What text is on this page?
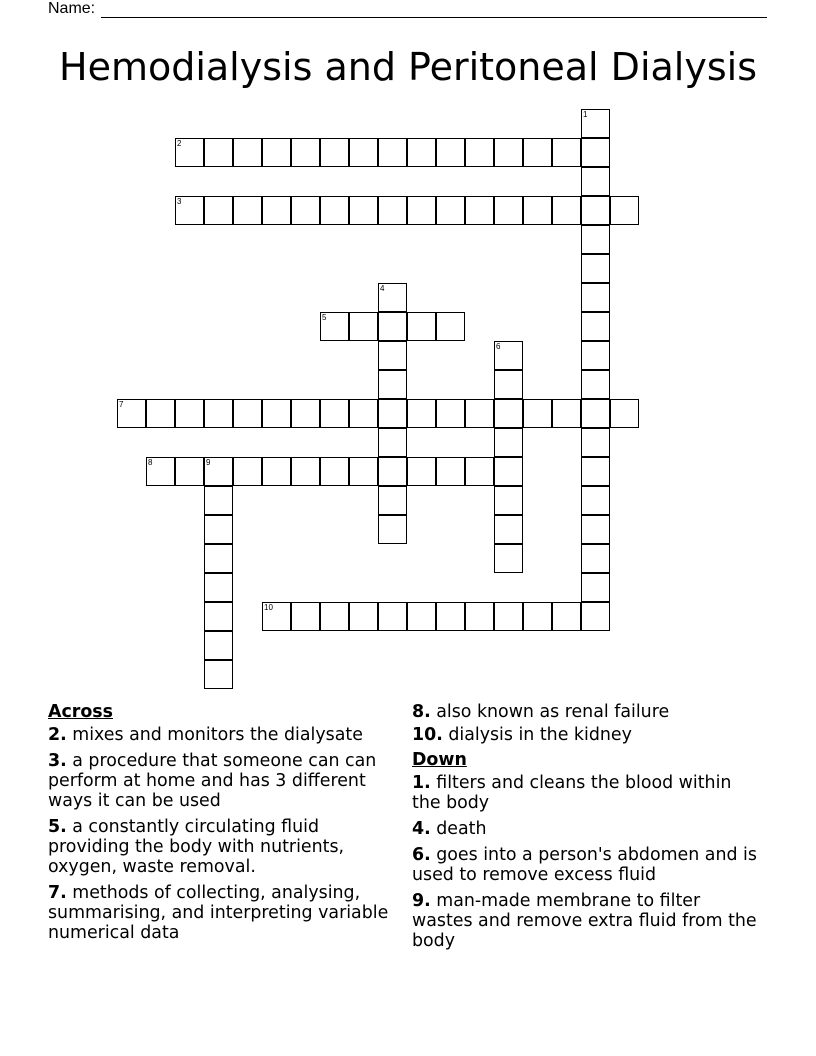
Name:
Hemodialysis and Peritoneal Dialysis
1
2
3
4
5
6
7
8	9
10
Across
2. mixes and monitors the dialysate
3. a procedure that someone can can perform at home and has 3 different ways it can be used
5. a constantly circulating fluid providing the body with nutrients, oxygen, waste removal.
7. methods of collecting, analysing, summarising, and interpreting variable numerical data
8. also known as renal failure
10. dialysis in the kidney
Down
1. filters and cleans the blood within the body
4. death
6. goes into a person's abdomen and is used to remove excess fluid
9. man-made membrane to filter wastes and remove extra fluid from the body
